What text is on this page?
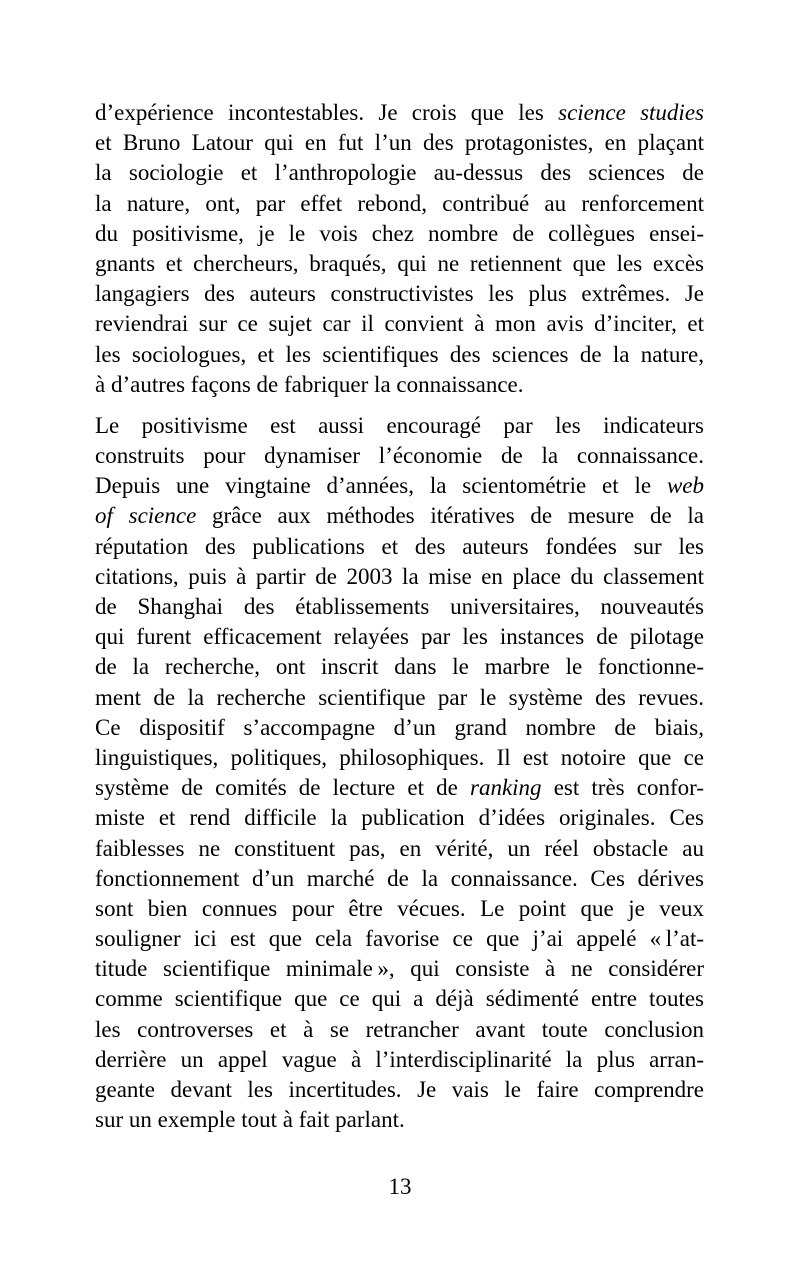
d’expérience incontestables. Je crois que les science studies
et Bruno Latour qui en fut l’un des protagonistes, en plaçant
la sociologie et l’anthropologie au-dessus des sciences de
la nature, ont, par effet rebond, contribué au renforcement
du positivisme, je le vois chez nombre de collègues ensei-
gnants et chercheurs, braqués, qui ne retiennent que les excès
langagiers des auteurs constructivistes les plus extrêmes. Je
reviendrai sur ce sujet car il convient à mon avis d’inciter, et
les sociologues, et les scientifiques des sciences de la nature,
à d’autres façons de fabriquer la connaissance.
Le positivisme est aussi encouragé par les indicateurs
construits pour dynamiser l’économie de la connaissance.
Depuis une vingtaine d’années, la scientométrie et le web
of science grâce aux méthodes itératives de mesure de la
réputation des publications et des auteurs fondées sur les
citations, puis à partir de 2003 la mise en place du classement
de Shanghai des établissements universitaires, nouveautés
qui furent efficacement relayées par les instances de pilotage
de la recherche, ont inscrit dans le marbre le fonctionne-
ment de la recherche scientifique par le système des revues.
Ce dispositif s’accompagne d’un grand nombre de biais,
linguistiques, politiques, philosophiques. Il est notoire que ce
système de comités de lecture et de ranking est très confor-
miste et rend difficile la publication d’idées originales. Ces
faiblesses ne constituent pas, en vérité, un réel obstacle au
fonctionnement d’un marché de la connaissance. Ces dérives
sont bien connues pour être vécues. Le point que je veux
souligner ici est que cela favorise ce que j’ai appelé « l’at-
titude scientifique minimale », qui consiste à ne considérer
comme scientifique que ce qui a déjà sédimenté entre toutes
les controverses et à se retrancher avant toute conclusion
derrière un appel vague à l’interdisciplinarité la plus arran-
geante devant les incertitudes. Je vais le faire comprendre
sur un exemple tout à fait parlant.
13
